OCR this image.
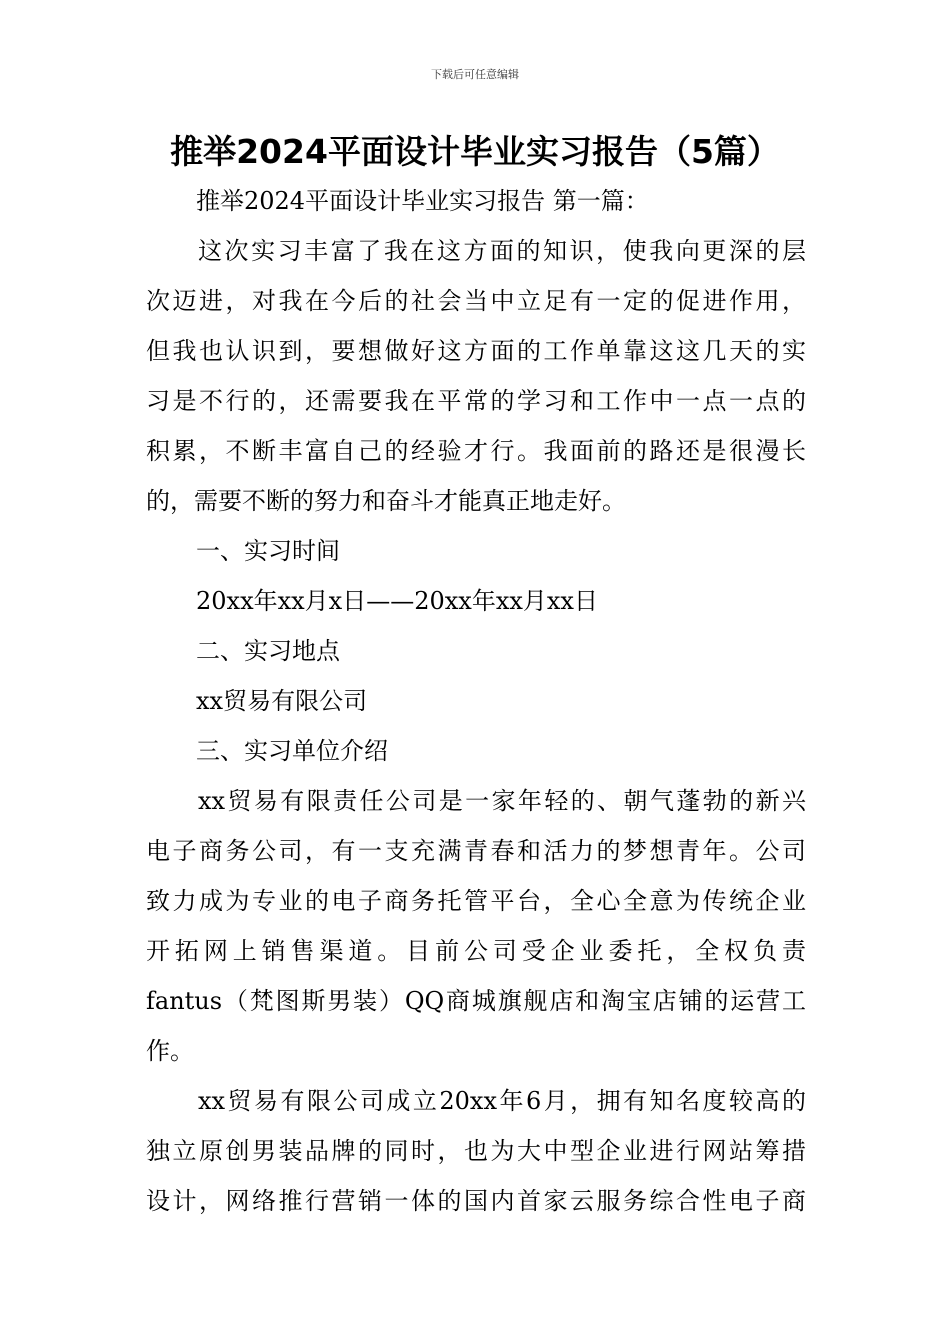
下载后可任意编辑
推举2024平面设计毕业实习报告（5篇）
推举2024平面设计毕业实习报告 第一篇：
这次实习丰富了我在这方面的知识，使我向更深的层
次迈进，对我在今后的社会当中立足有一定的促进作用，
但我也认识到，要想做好这方面的工作单靠这这几天的实
习是不行的，还需要我在平常的学习和工作中一点一点的
积累，不断丰富自己的经验才行。我面前的路还是很漫长
的，需要不断的努力和奋斗才能真正地走好。
一、实习时间
20xx年xx月x日——20xx年xx月xx日
二、实习地点
xx贸易有限公司
三、实习单位介绍
xx贸易有限责任公司是一家年轻的、朝气蓬勃的新兴
电子商务公司，有一支充满青春和活力的梦想青年。公司
致力成为专业的电子商务托管平台，全心全意为传统企业
开拓网上销售渠道。目前公司受企业委托，全权负责
fantus（梵图斯男装）QQ商城旗舰店和淘宝店铺的运营工
作。
xx贸易有限公司成立20xx年6月，拥有知名度较高的
独立原创男装品牌的同时，也为大中型企业进行网站筹措
设计，网络推行营销一体的国内首家云服务综合性电子商
